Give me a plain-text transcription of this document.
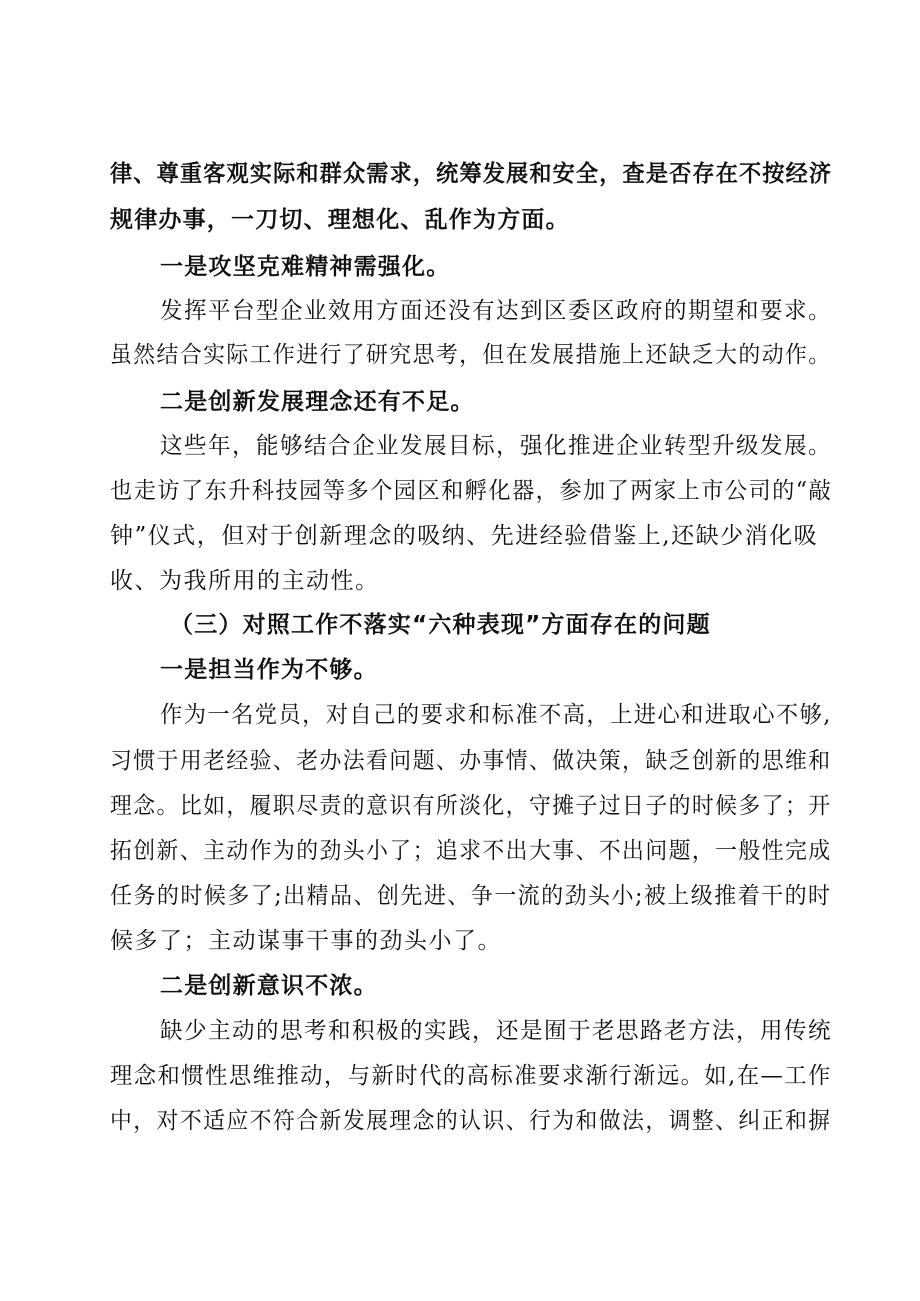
律、尊重客观实际和群众需求，统筹发展和安全，查是否存在不按经济
规律办事，一刀切、理想化、乱作为方面。
一是攻坚克难精神需强化。
发挥平台型企业效用方面还没有达到区委区政府的期望和要求。
虽然结合实际工作进行了研究思考，但在发展措施上还缺乏大的动作。
二是创新发展理念还有不足。
这些年，能够结合企业发展目标，强化推进企业转型升级发展。
也走访了东升科技园等多个园区和孵化器，参加了两家上市公司的“敲
钟”仪式，但对于创新理念的吸纳、先进经验借鉴上,还缺少消化吸
收、为我所用的主动性。
（三）对照工作不落实“六种表现”方面存在的问题
一是担当作为不够。
作为一名党员，对自己的要求和标准不高，上进心和进取心不够,
习惯于用老经验、老办法看问题、办事情、做决策，缺乏创新的思维和
理念。比如，履职尽责的意识有所淡化，守摊子过日子的时候多了；开
拓创新、主动作为的劲头小了；追求不出大事、不出问题，一般性完成
任务的时候多了;出精品、创先进、争一流的劲头小;被上级推着干的时
候多了；主动谋事干事的劲头小了。
二是创新意识不浓。
缺少主动的思考和积极的实践，还是囿于老思路老方法，用传统
理念和惯性思维推动，与新时代的高标准要求渐行渐远。如,在—工作
中，对不适应不符合新发展理念的认识、行为和做法，调整、纠正和摒
